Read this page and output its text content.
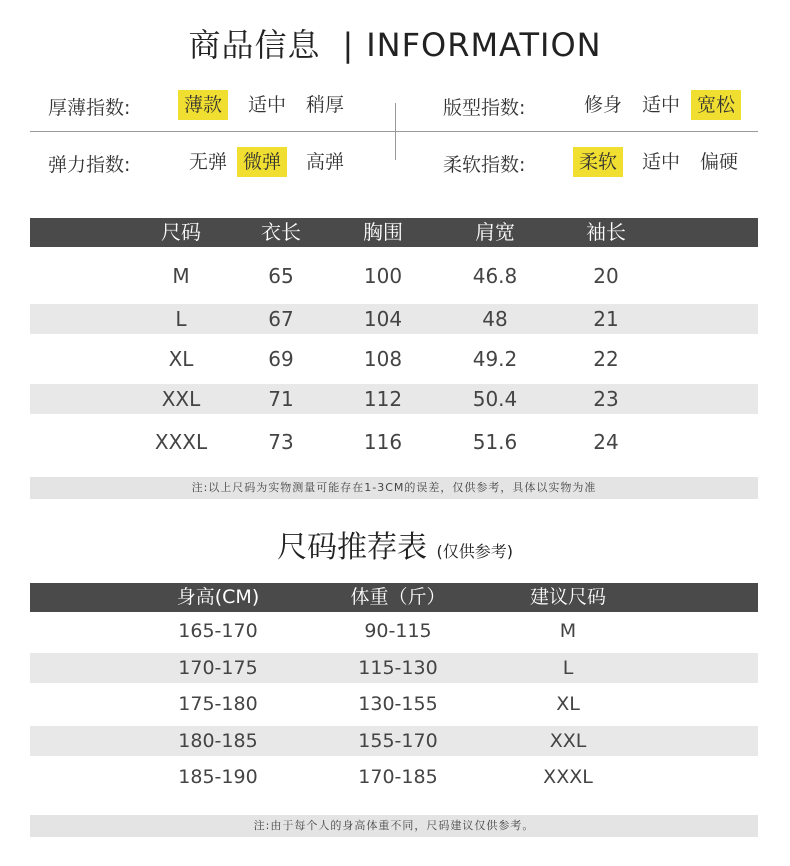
商品信息 | INFORMATION
厚薄指数:	薄款	适中	稍厚	版型指数:	修身	适中 宽松
弹力指数:	无弹 微弹	高弹	柔软指数:	柔软	适中	偏硬
尺码	衣长	胸围	肩宽	袖长
M	65	100	46.8	20
L	67	104	48	21
XL	69	108	49.2	22
XXL	71	112	50.4	23
XXXL	73	116	51.6	24
注:以上尺码为实物测量可能存在1-3CM的误差，仅供参考，具体以实物为准
尺码推荐表 (仅供参考)
身高(CM)	体重（斤）	建议尺码
165-170	90-115	M
170-175	115-130	L
175-180	130-155	XL
180-185	155-170	XXL
185-190	170-185	XXXL
注:由于每个人的身高体重不同，尺码建议仅供参考。
